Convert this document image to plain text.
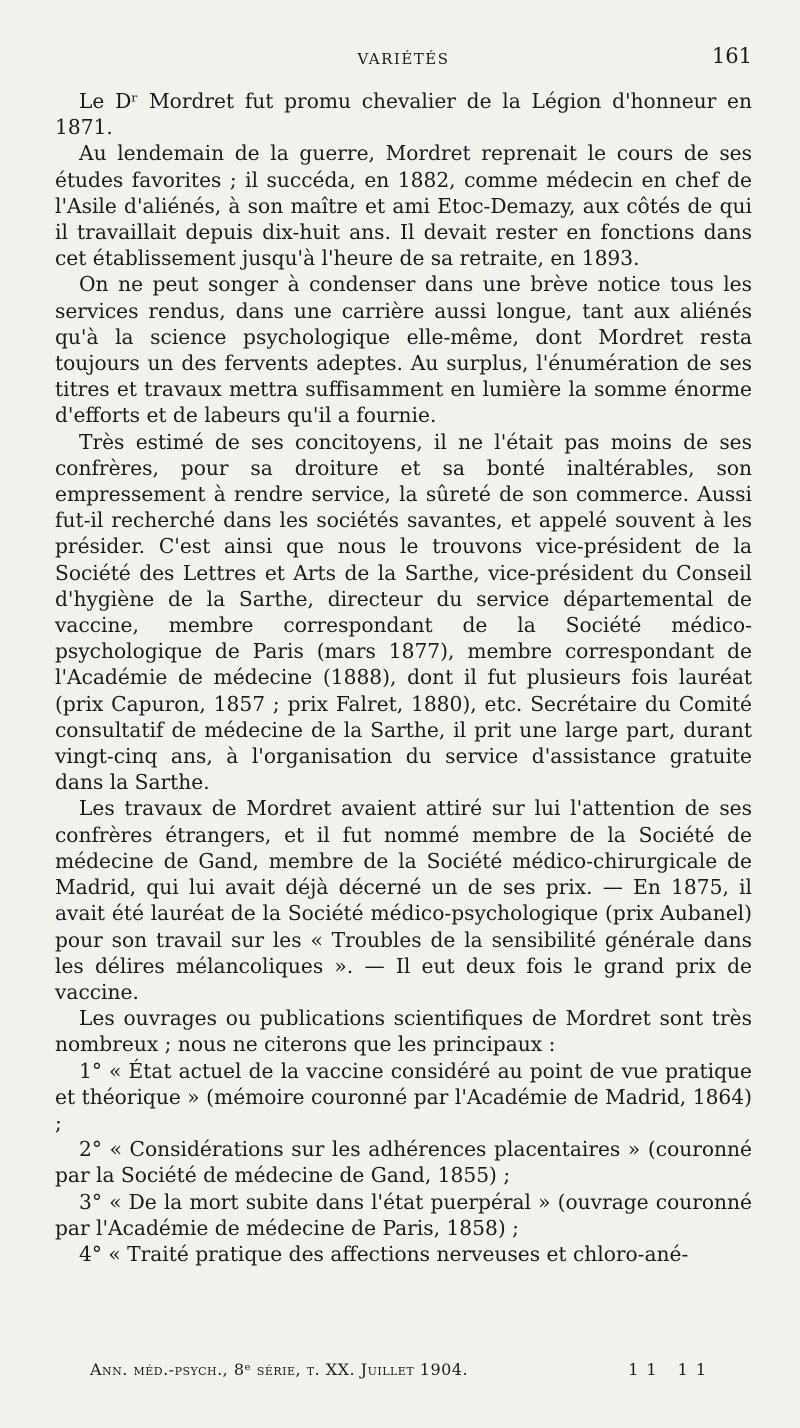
VARIÉTÉS	161

Le Dʳ Mordret fut promu chevalier de la Légion d'honneur en 1871.

Au lendemain de la guerre, Mordret reprenait le cours de ses études favorites ; il succéda, en 1882, comme médecin en chef de l'Asile d'aliénés, à son maître et ami Etoc-Demazy, aux côtés de qui il travaillait depuis dix-huit ans. Il devait rester en fonctions dans cet établissement jusqu'à l'heure de sa retraite, en 1893.

On ne peut songer à condenser dans une brève notice tous les services rendus, dans une carrière aussi longue, tant aux aliénés qu'à la science psychologique elle-même, dont Mordret resta toujours un des fervents adeptes. Au surplus, l'énumération de ses titres et travaux mettra suffisamment en lumière la somme énorme d'efforts et de labeurs qu'il a fournie.

Très estimé de ses concitoyens, il ne l'était pas moins de ses confrères, pour sa droiture et sa bonté inaltérables, son empressement à rendre service, la sûreté de son commerce. Aussi fut-il recherché dans les sociétés savantes, et appelé souvent à les présider. C'est ainsi que nous le trouvons vice-président de la Société des Lettres et Arts de la Sarthe, vice-président du Conseil d'hygiène de la Sarthe, directeur du service départemental de vaccine, membre correspondant de la Société médico-psychologique de Paris (mars 1877), membre correspondant de l'Académie de médecine (1888), dont il fut plusieurs fois lauréat (prix Capuron, 1857 ; prix Falret, 1880), etc. Secrétaire du Comité consultatif de médecine de la Sarthe, il prit une large part, durant vingt-cinq ans, à l'organisation du service d'assistance gratuite dans la Sarthe.

Les travaux de Mordret avaient attiré sur lui l'attention de ses confrères étrangers, et il fut nommé membre de la Société de médecine de Gand, membre de la Société médico-chirurgicale de Madrid, qui lui avait déjà décerné un de ses prix. — En 1875, il avait été lauréat de la Société médico-psychologique (prix Aubanel) pour son travail sur les « Troubles de la sensibilité générale dans les délires mélancoliques ». — Il eut deux fois le grand prix de vaccine.

Les ouvrages ou publications scientifiques de Mordret sont très nombreux ; nous ne citerons que les principaux :

1° « État actuel de la vaccine considéré au point de vue pratique et théorique » (mémoire couronné par l'Académie de Madrid, 1864) ;

2° « Considérations sur les adhérences placentaires » (couronné par la Société de médecine de Gand, 1855) ;

3° « De la mort subite dans l'état puerpéral » (ouvrage couronné par l'Académie de médecine de Paris, 1858) ;

4° « Traité pratique des affections nerveuses et chloro-ané-

Ann. méd.-psych., 8ᵉ série, t. XX. Juillet 1904.	11 11
